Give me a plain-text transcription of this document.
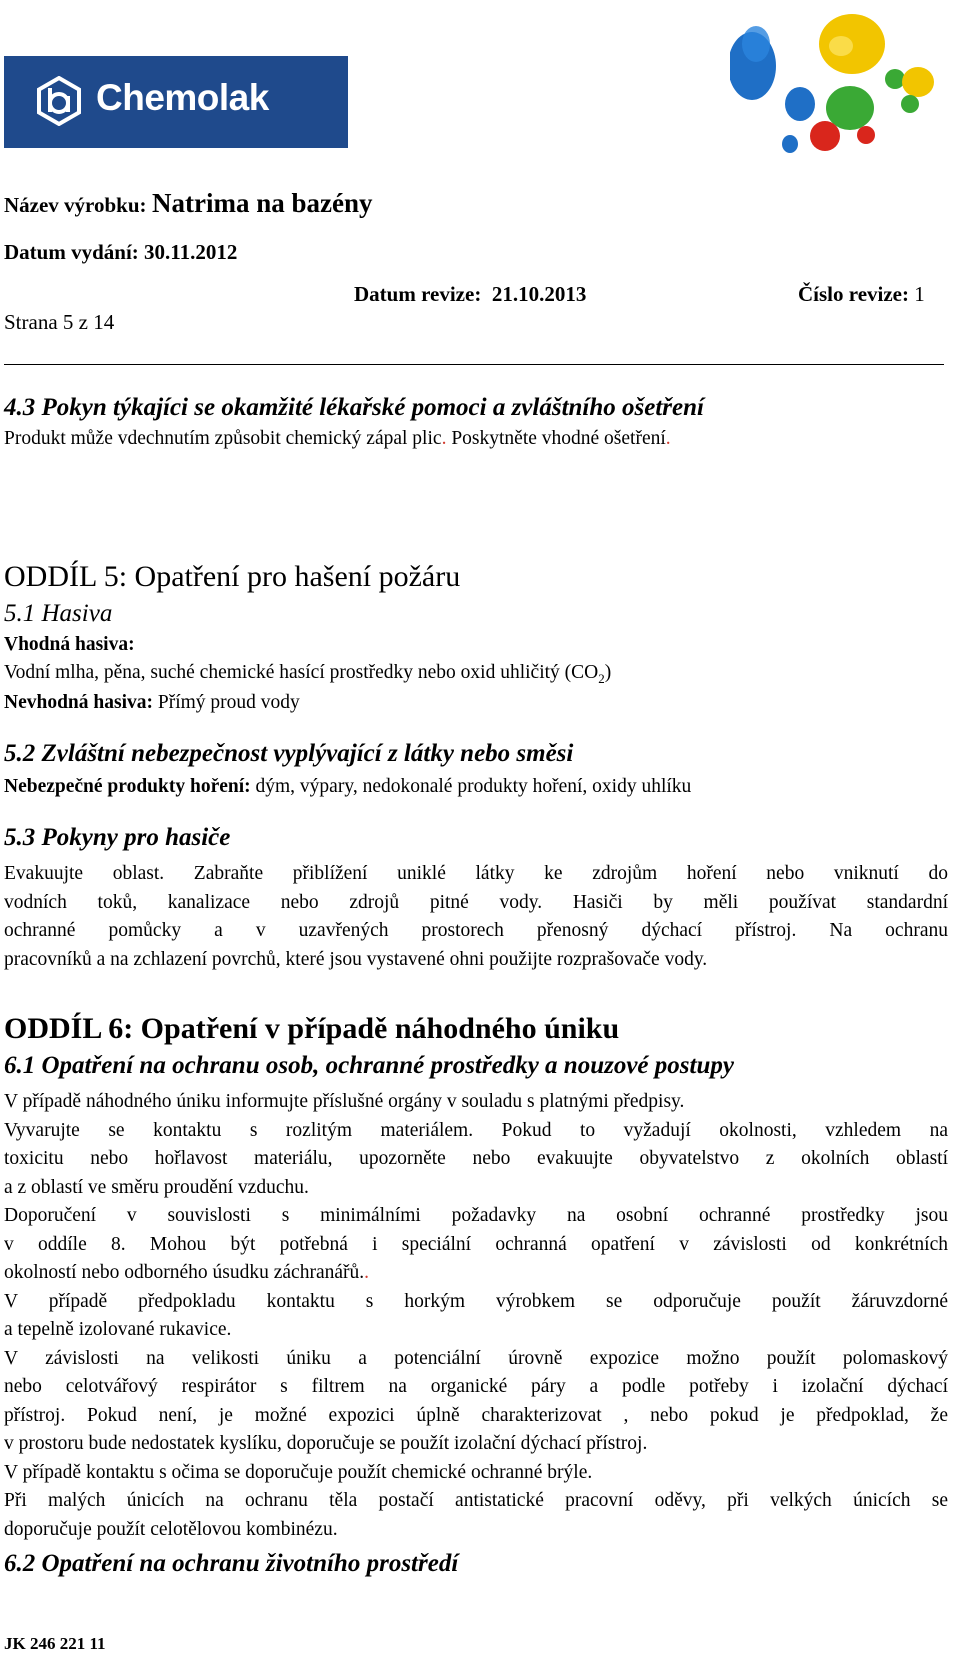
Chemolak
Název výrobku: Natrima na bazény
Datum vydání: 30.11.2012
Datum revize: 21.10.2013	Číslo revize: 1
Strana 5 z 14
4.3 Pokyn týkajíci se okamžité lékařské pomoci a zvláštního ošetření
Produkt může vdechnutím způsobit chemický zápal plic. Poskytněte vhodné ošetření.
ODDÍL 5: Opatření pro hašení požáru
5.1 Hasiva
Vhodná hasiva:
Vodní mlha, pěna, suché chemické hasící prostředky nebo oxid uhličitý $(CO_2)$
Nevhodná hasiva: Přímý proud vody
5.2 Zvláštní nebezpečnost vyplývající z látky nebo směsi
Nebezpečné produkty hoření: dým, výpary, nedokonalé produkty hoření, oxidy uhlíku
5.3 Pokyny pro hasiče
Evakuujte oblast. Zabraňte přiblížení uniklé látky ke zdrojům hoření nebo vniknutí do
vodních toků, kanalizace nebo zdrojů pitné vody. Hasiči by měli používat standardní
ochranné pomůcky a v uzavřených prostorech přenosný dýchací přístroj. Na ochranu
pracovníků a na zchlazení povrchů, které jsou vystavené ohni použijte rozprašovače vody.
ODDÍL 6: Opatření v případě náhodného úniku
6.1 Opatření na ochranu osob, ochranné prostředky a nouzové postupy
V případě náhodného úniku informujte příslušné orgány v souladu s platnými předpisy.
Vyvarujte se kontaktu s rozlitým materiálem. Pokud to vyžadují okolnosti, vzhledem na
toxicitu nebo hořlavost materiálu, upozorněte nebo evakuujte obyvatelstvo z okolních oblastí
a z oblastí ve směru proudění vzduchu.
Doporučení v souvislosti s minimálními požadavky na osobní ochranné prostředky jsou
v oddíle 8. Mohou být potřebná i speciální ochranná opatření v závislosti od konkrétních
okolností nebo odborného úsudku záchranářů..
V případě předpokladu kontaktu s horkým výrobkem se odporučuje použít žáruvzdorné
a tepelně izolované rukavice.
V závislosti na velikosti úniku a potenciální úrovně expozice možno použít polomaskový
nebo celotvářový respirátor s filtrem na organické páry a podle potřeby i izolační dýchací
přístroj. Pokud není, je možné expozici úplně charakterizovat , nebo pokud je předpoklad, že
v prostoru bude nedostatek kyslíku, doporučuje se použít izolační dýchací přístroj.
V případě kontaktu s očima se doporučuje použít chemické ochranné brýle.
Při malých únicích na ochranu těla postačí antistatické pracovní oděvy, při velkých únicích se
doporučuje použít celotělovou kombinézu.
6.2 Opatření na ochranu životního prostředí
JK 246 221 11
